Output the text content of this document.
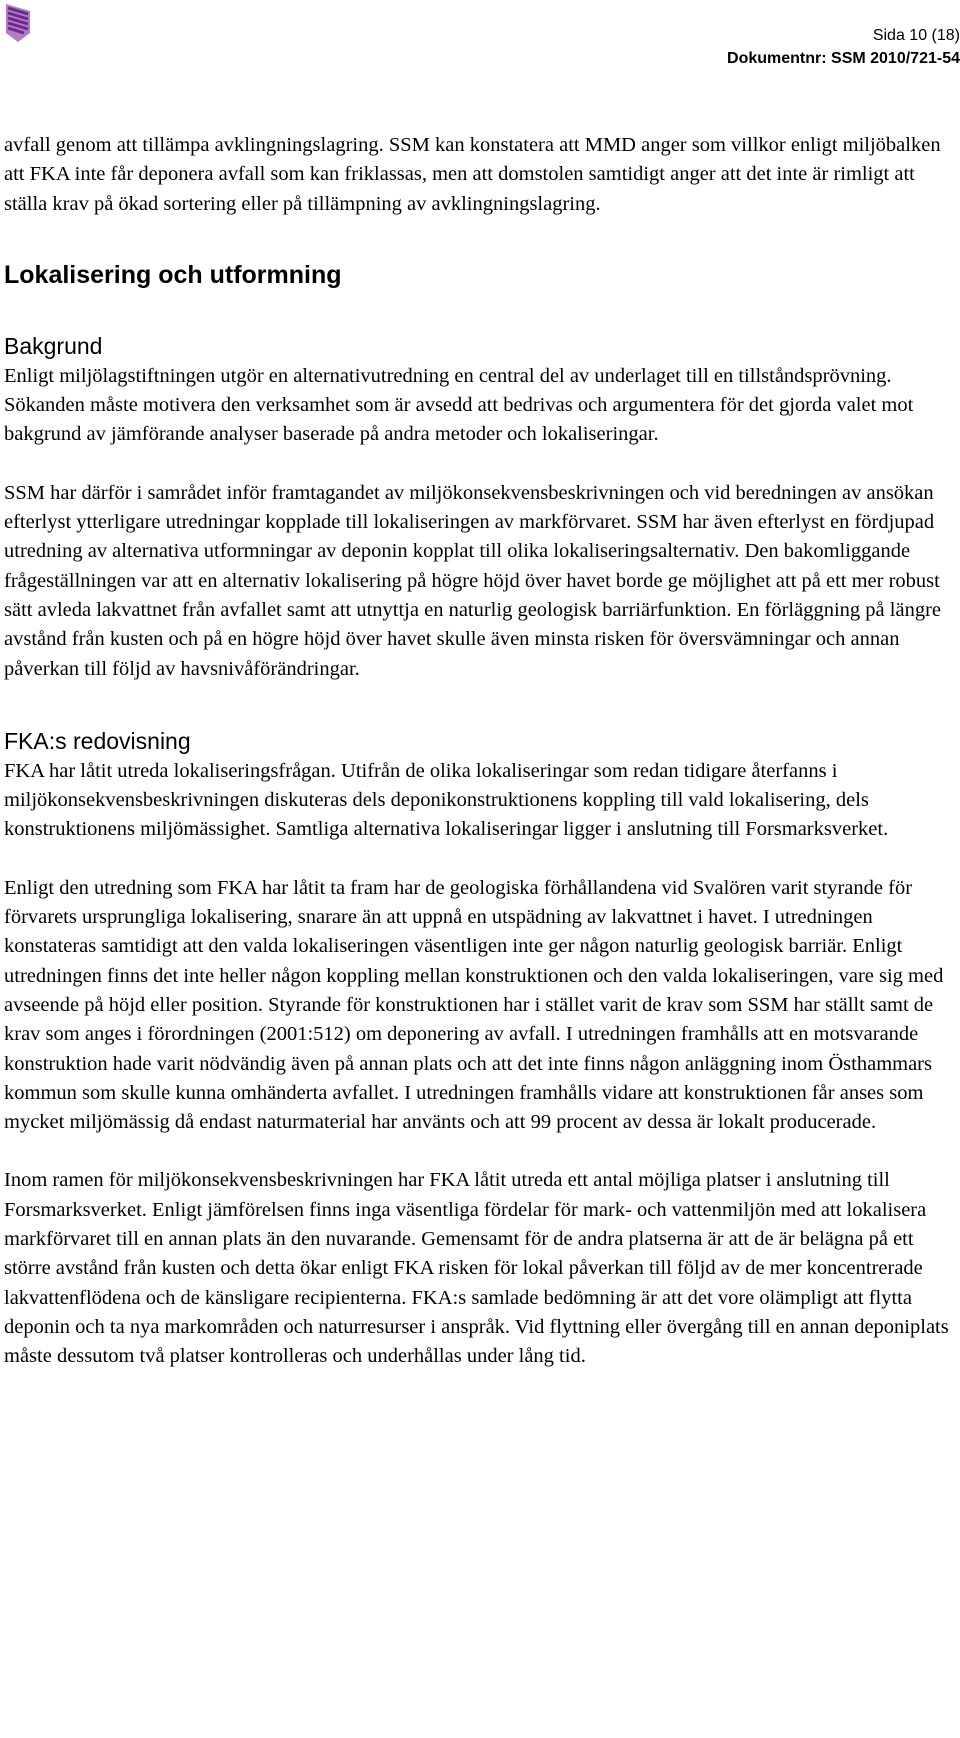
Sida 10 (18)
Dokumentnr: SSM 2010/721-54

avfall genom att tillämpa avklingningslagring. SSM kan konstatera att MMD anger som villkor enligt miljöbalken att FKA inte får deponera avfall som kan friklassas, men att domstolen samtidigt anger att det inte är rimligt att ställa krav på ökad sortering eller på tillämpning av avklingningslagring.

Lokalisering och utformning
Bakgrund

Enligt miljölagstiftningen utgör en alternativutredning en central del av underlaget till en tillståndsprövning. Sökanden måste motivera den verksamhet som är avsedd att bedrivas och argumentera för det gjorda valet mot bakgrund av jämförande analyser baserade på andra metoder och lokaliseringar.

SSM har därför i samrådet inför framtagandet av miljökonsekvensbeskrivningen och vid beredningen av ansökan efterlyst ytterligare utredningar kopplade till lokaliseringen av markförvaret. SSM har även efterlyst en fördjupad utredning av alternativa utformningar av deponin kopplat till olika lokaliseringsalternativ. Den bakomliggande frågeställningen var att en alternativ lokalisering på högre höjd över havet borde ge möjlighet att på ett mer robust sätt avleda lakvattnet från avfallet samt att utnyttja en naturlig geologisk barriärfunktion. En förläggning på längre avstånd från kusten och på en högre höjd över havet skulle även minsta risken för översvämningar och annan påverkan till följd av havsnivåförändringar.

FKA:s redovisning

FKA har låtit utreda lokaliseringsfrågan. Utifrån de olika lokaliseringar som redan tidigare återfanns i miljökonsekvensbeskrivningen diskuteras dels deponikonstruktionens koppling till vald lokalisering, dels konstruktionens miljömässighet. Samtliga alternativa lokaliseringar ligger i anslutning till Forsmarksverket.

Enligt den utredning som FKA har låtit ta fram har de geologiska förhållandena vid Svalören varit styrande för förvarets ursprungliga lokalisering, snarare än att uppnå en utspädning av lakvattnet i havet. I utredningen konstateras samtidigt att den valda lokaliseringen väsentligen inte ger någon naturlig geologisk barriär. Enligt utredningen finns det inte heller någon koppling mellan konstruktionen och den valda lokaliseringen, vare sig med avseende på höjd eller position. Styrande för konstruktionen har i stället varit de krav som SSM har ställt samt de krav som anges i förordningen (2001:512) om deponering av avfall. I utredningen framhålls att en motsvarande konstruktion hade varit nödvändig även på annan plats och att det inte finns någon anläggning inom Östhammars kommun som skulle kunna omhänderta avfallet. I utredningen framhålls vidare att konstruktionen får anses som mycket miljömässig då endast naturmaterial har använts och att 99 procent av dessa är lokalt producerade.

Inom ramen för miljökonsekvensbeskrivningen har FKA låtit utreda ett antal möjliga platser i anslutning till Forsmarksverket. Enligt jämförelsen finns inga väsentliga fördelar för mark- och vattenmiljön med att lokalisera markförvaret till en annan plats än den nuvarande. Gemensamt för de andra platserna är att de är belägna på ett större avstånd från kusten och detta ökar enligt FKA risken för lokal påverkan till följd av de mer koncentrerade lakvattenflödena och de känsligare recipienterna. FKA:s samlade bedömning är att det vore olämpligt att flytta deponin och ta nya markområden och naturresurser i anspråk. Vid flyttning eller övergång till en annan deponiplats måste dessutom två platser kontrolleras och underhållas under lång tid.
